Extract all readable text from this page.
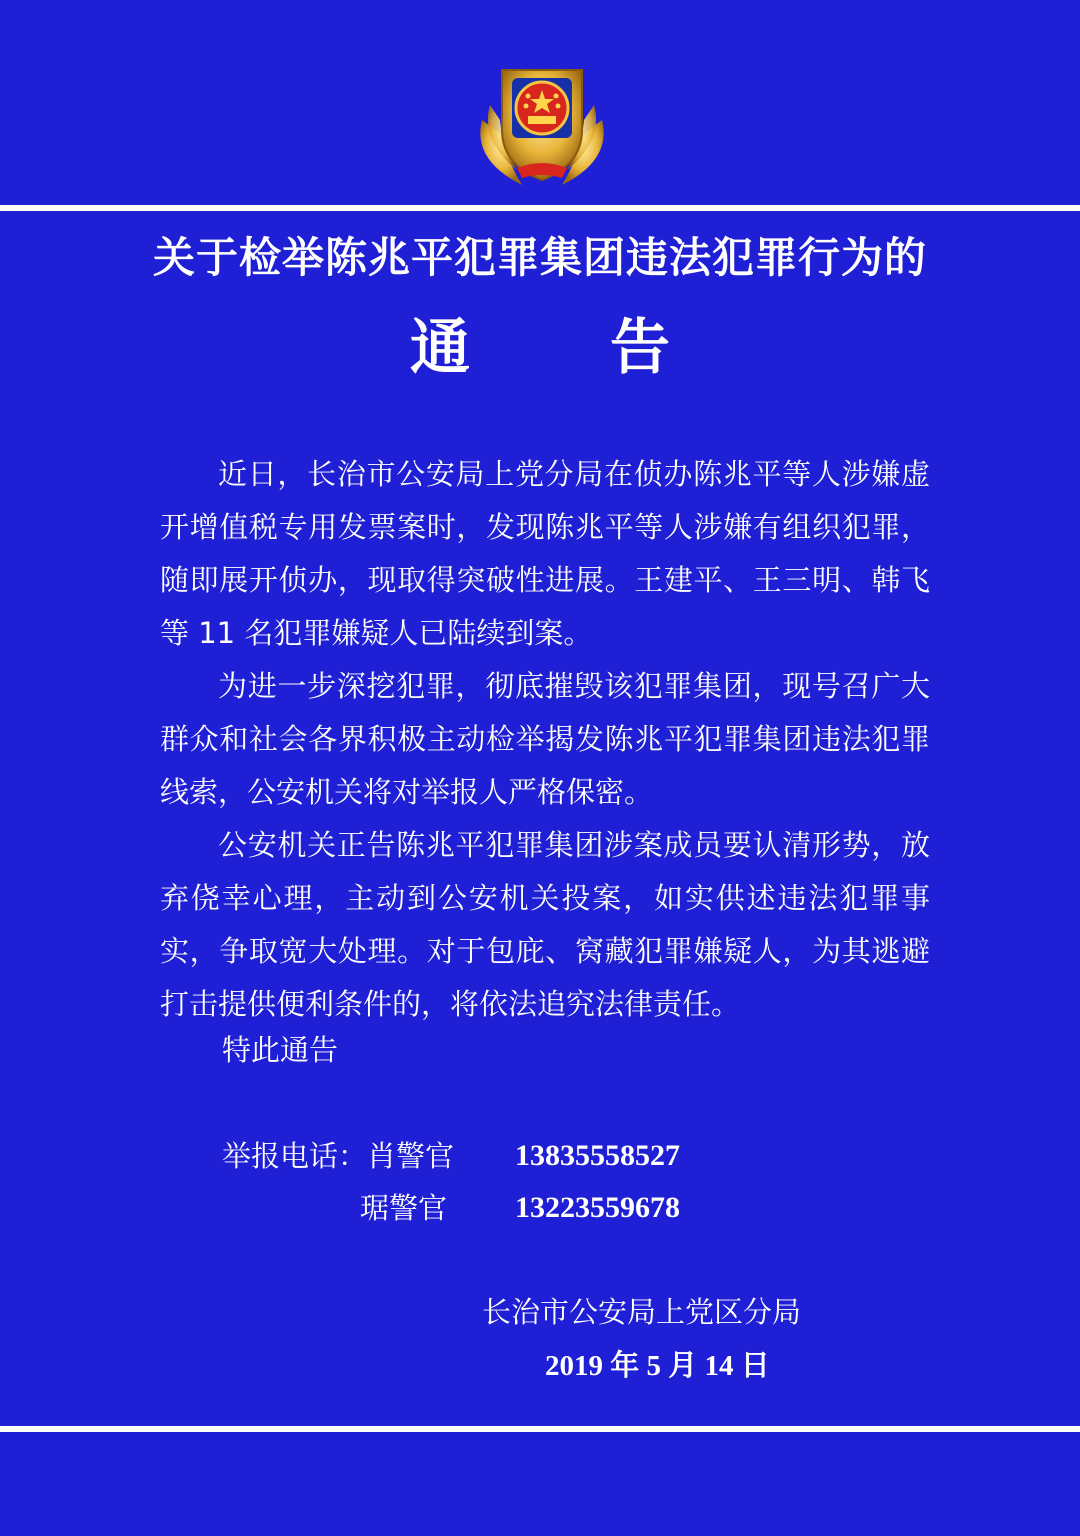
关于检举陈兆平犯罪集团违法犯罪行为的
通 告

近日，长治市公安局上党分局在侦办陈兆平等人涉嫌虚开增值税专用发票案时，发现陈兆平等人涉嫌有组织犯罪，随即展开侦办，现取得突破性进展。王建平、王三明、韩飞等 11 名犯罪嫌疑人已陆续到案。

为进一步深挖犯罪，彻底摧毁该犯罪集团，现号召广大群众和社会各界积极主动检举揭发陈兆平犯罪集团违法犯罪线索，公安机关将对举报人严格保密。

公安机关正告陈兆平犯罪集团涉案成员要认清形势，放弃侥幸心理，主动到公安机关投案，如实供述违法犯罪事实，争取宽大处理。对于包庇、窝藏犯罪嫌疑人，为其逃避打击提供便利条件的，将依法追究法律责任。

特此通告
举报电话：肖警官 13835558527
琚警官 13223559678
长治市公安局上党区分局
2019 年 5 月 14 日
